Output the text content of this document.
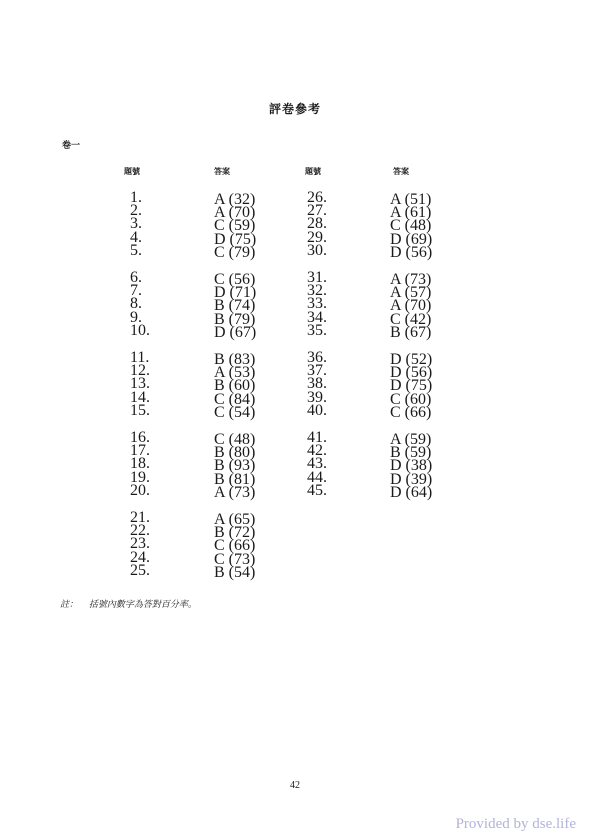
評卷參考
卷一
題號	答案	題號	答案
1.	A (32)
2.	A (70)
3.	C (59)
4.	D (75)
5.	C (79)
6.	C (56)
7.	D (71)
8.	B (74)
9.	B (79)
10.	D (67)
11.	B (83)
12.	A (53)
13.	B (60)
14.	C (84)
15.	C (54)
16.	C (48)
17.	B (80)
18.	B (93)
19.	B (81)
20.	A (73)
21.	A (65)
22.	B (72)
23.	C (66)
24.	C (73)
25.	B (54)
26.	A (51)
27.	A (61)
28.	C (48)
29.	D (69)
30.	D (56)
31.	A (73)
32.	A (57)
33.	A (70)
34.	C (42)
35.	B (67)
36.	D (52)
37.	D (56)
38.	D (75)
39.	C (60)
40.	C (66)
41.	A (59)
42.	B (59)
43.	D (38)
44.	D (39)
45.	D (64)
註： 括號內數字為答對百分率。
42
Provided by dse.life
